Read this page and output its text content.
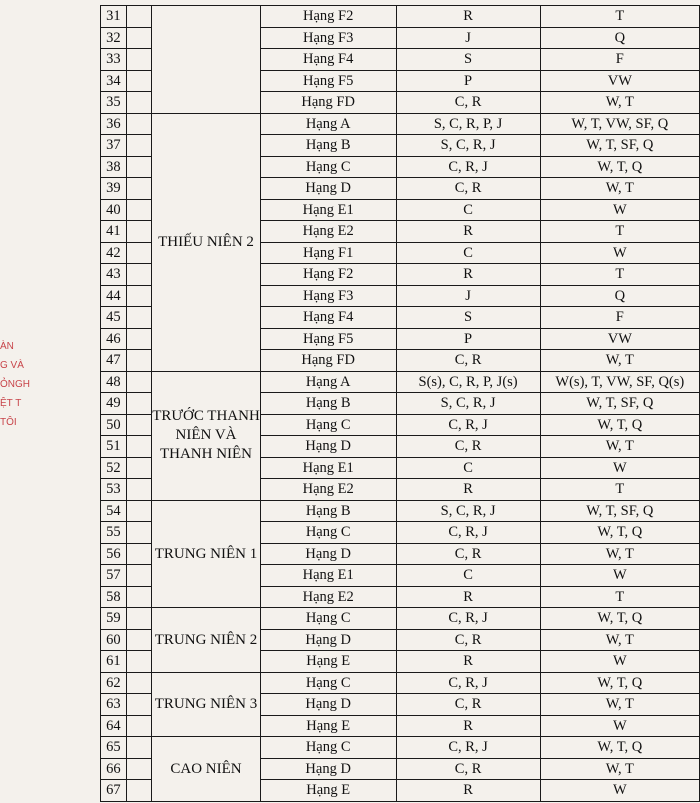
ÀN
G VÀ
ỎNGH
ỆT T
TÔI
31			Hạng F2	R	T
32			Hạng F3	J	Q
33			Hạng F4	S	F
34			Hạng F5	P	VW
35			Hạng FD	C, R	W, T
36		THIẾU NIÊN 2	Hạng A	S, C, R, P, J	W, T, VW, SF, Q
37			Hạng B	S, C, R, J	W, T, SF, Q
38			Hạng C	C, R, J	W, T, Q
39			Hạng D	C, R	W, T
40			Hạng E1	C	W
41			Hạng E2	R	T
42			Hạng F1	C	W
43			Hạng F2	R	T
44			Hạng F3	J	Q
45			Hạng F4	S	F
46			Hạng F5	P	VW
47			Hạng FD	C, R	W, T
48		TRƯỚC THANH
NIÊN VÀ
THANH NIÊN	Hạng A	S(s), C, R, P, J(s)	W(s), T, VW, SF, Q(s)
49			Hạng B	S, C, R, J	W, T, SF, Q
50			Hạng C	C, R, J	W, T, Q
51			Hạng D	C, R	W, T
52			Hạng E1	C	W
53			Hạng E2	R	T
54		TRUNG NIÊN 1	Hạng B	S, C, R, J	W, T, SF, Q
55			Hạng C	C, R, J	W, T, Q
56			Hạng D	C, R	W, T
57			Hạng E1	C	W
58			Hạng E2	R	T
59		TRUNG NIÊN 2	Hạng C	C, R, J	W, T, Q
60			Hạng D	C, R	W, T
61			Hạng E	R	W
62		TRUNG NIÊN 3	Hạng C	C, R, J	W, T, Q
63			Hạng D	C, R	W, T
64			Hạng E	R	W
65		CAO NIÊN	Hạng C	C, R, J	W, T, Q
66			Hạng D	C, R	W, T
67			Hạng E	R	W
